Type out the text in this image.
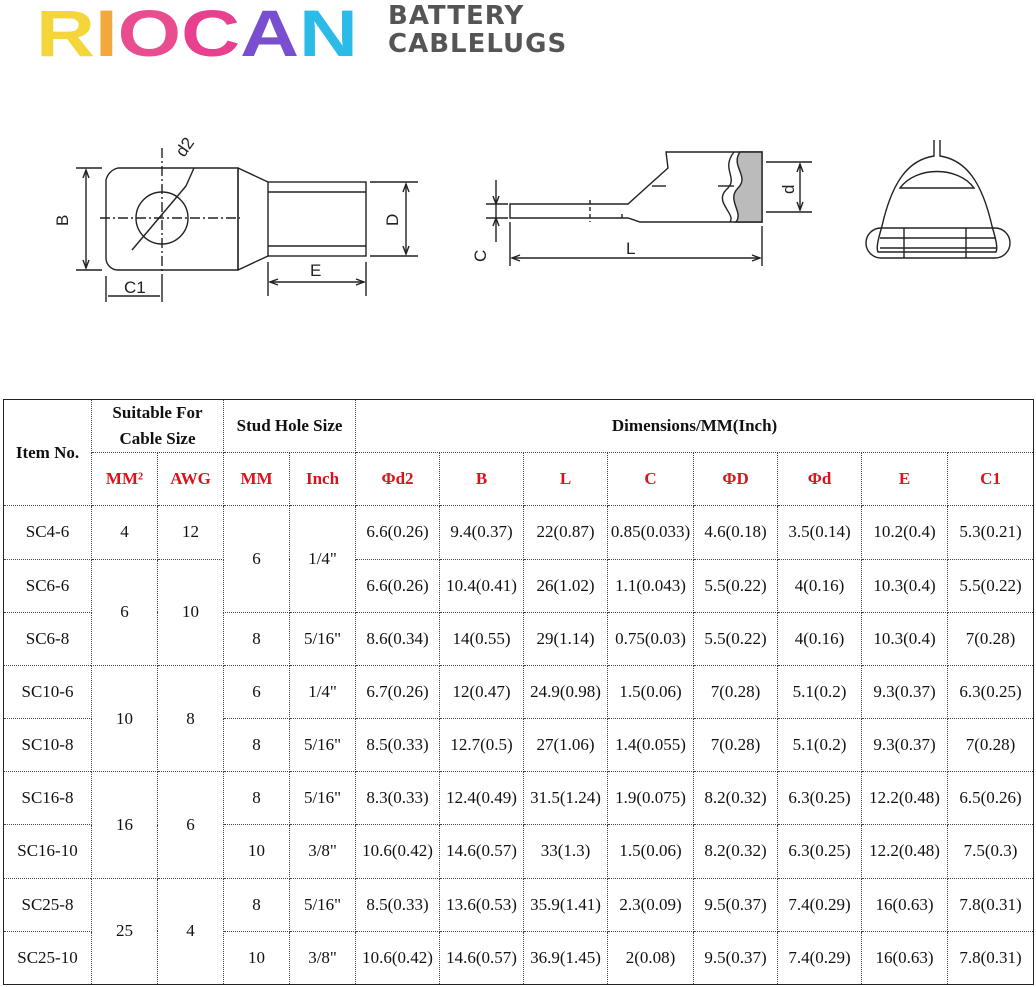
R IO C A N	BATTERY
CABLELUGS
d2
B
C1
D
E
C	L
d
Item No.	Suitable For
Cable Size		Stud Hole Size		Dimensions/MM(Inch)							
	MM²	AWG	MM	Inch	Φd2	B	L	C	ΦD	Φd	E	C1
SC4-6	4	12	6	1/4"	6.6(0.26)	9.4(0.37)	22(0.87)	0.85(0.033)	4.6(0.18)	3.5(0.14)	10.2(0.4)	5.3(0.21)
SC6-6	6	10			6.6(0.26)	10.4(0.41)	26(1.02)	1.1(0.043)	5.5(0.22)	4(0.16)	10.3(0.4)	5.5(0.22)
SC6-8			8	5/16"	8.6(0.34)	14(0.55)	29(1.14)	0.75(0.03)	5.5(0.22)	4(0.16)	10.3(0.4)	7(0.28)
SC10-6	10	8	6	1/4"	6.7(0.26)	12(0.47)	24.9(0.98)	1.5(0.06)	7(0.28)	5.1(0.2)	9.3(0.37)	6.3(0.25)
SC10-8			8	5/16"	8.5(0.33)	12.7(0.5)	27(1.06)	1.4(0.055)	7(0.28)	5.1(0.2)	9.3(0.37)	7(0.28)
SC16-8	16	6	8	5/16"	8.3(0.33)	12.4(0.49)	31.5(1.24)	1.9(0.075)	8.2(0.32)	6.3(0.25)	12.2(0.48)	6.5(0.26)
SC16-10			10	3/8"	10.6(0.42)	14.6(0.57)	33(1.3)	1.5(0.06)	8.2(0.32)	6.3(0.25)	12.2(0.48)	7.5(0.3)
SC25-8	25	4	8	5/16"	8.5(0.33)	13.6(0.53)	35.9(1.41)	2.3(0.09)	9.5(0.37)	7.4(0.29)	16(0.63)	7.8(0.31)
SC25-10			10	3/8"	10.6(0.42)	14.6(0.57)	36.9(1.45)	2(0.08)	9.5(0.37)	7.4(0.29)	16(0.63)	7.8(0.31)
